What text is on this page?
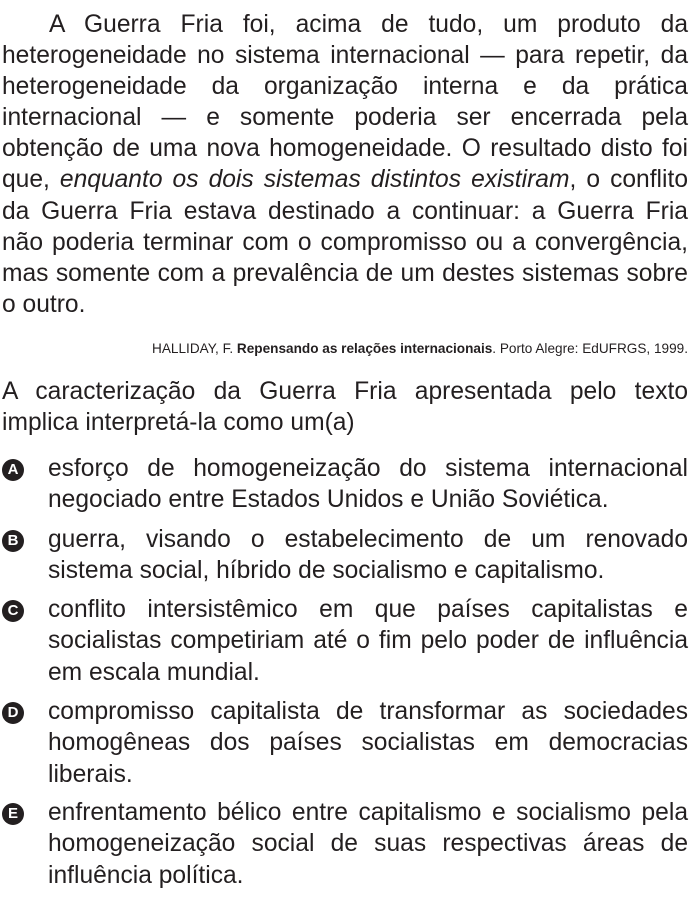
A Guerra Fria foi, acima de tudo, um produto da heterogeneidade no sistema internacional — para repetir, da heterogeneidade da organização interna e da prática internacional — e somente poderia ser encerrada pela obtenção de uma nova homogeneidade. O resultado disto foi que, enquanto os dois sistemas distintos existiram, o conflito da Guerra Fria estava destinado a continuar: a Guerra Fria não poderia terminar com o compromisso ou a convergência, mas somente com a prevalência de um destes sistemas sobre o outro.

HALLIDAY, F. Repensando as relações internacionais. Porto Alegre: EdUFRGS, 1999.

A caracterização da Guerra Fria apresentada pelo texto implica interpretá-la como um(a)

A esforço de homogeneização do sistema internacional negociado entre Estados Unidos e União Soviética.
B guerra, visando o estabelecimento de um renovado sistema social, híbrido de socialismo e capitalismo.
C conflito intersistêmico em que países capitalistas e socialistas competiriam até o fim pelo poder de influência em escala mundial.
D compromisso capitalista de transformar as sociedades homogêneas dos países socialistas em democracias liberais.
E enfrentamento bélico entre capitalismo e socialismo pela homogeneização social de suas respectivas áreas de influência política.
